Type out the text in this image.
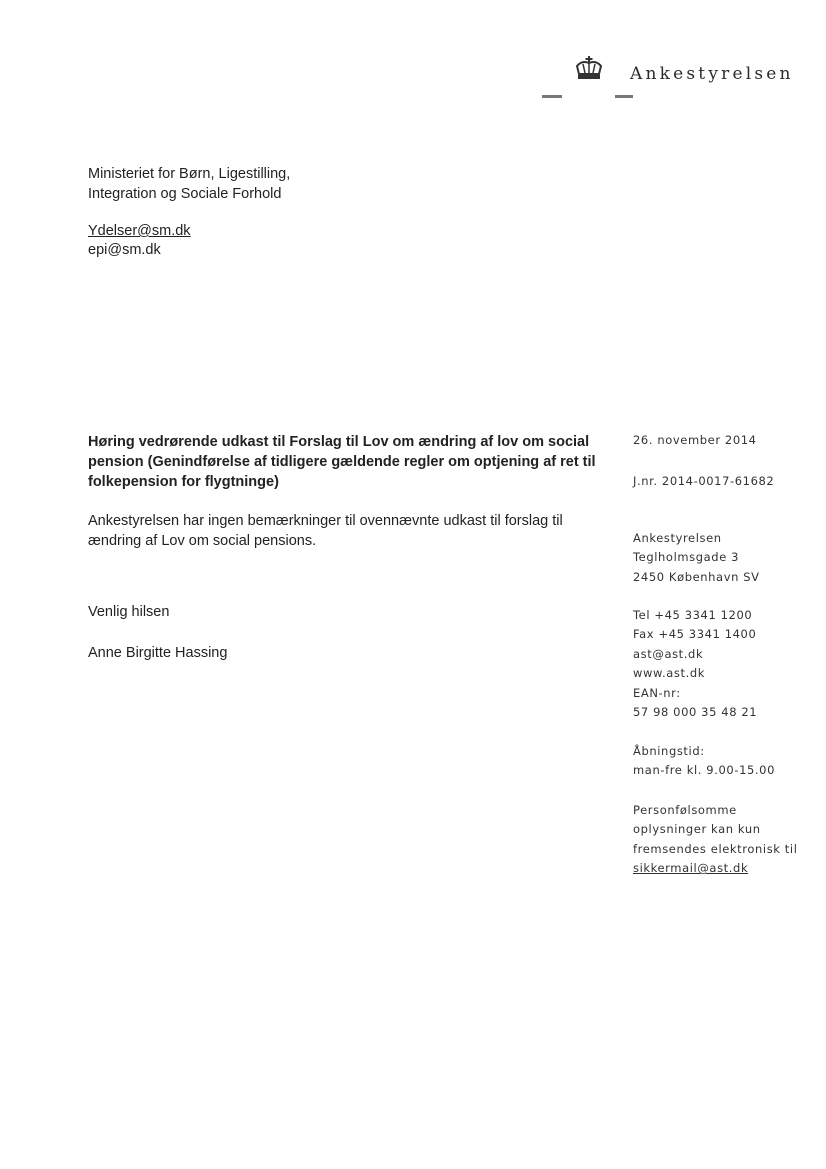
Ankestyrelsen
Ministeriet for Børn, Ligestilling,
Integration og Sociale Forhold
Ydelser@sm.dk
epi@sm.dk
Høring vedrørende udkast til Forslag til Lov om ændring af lov om social pension (Genindførelse af tidligere gældende regler om optjening af ret til folkepension for flygtninge)
Ankestyrelsen har ingen bemærkninger til ovennævnte udkast til forslag til ændring af Lov om social pensions.
Venlig hilsen
Anne Birgitte Hassing
26. november 2014
J.nr. 2014-0017-61682
Ankestyrelsen
Teglholmsgade 3
2450 København SV
Tel +45 3341 1200
Fax +45 3341 1400
ast@ast.dk
www.ast.dk
EAN-nr:
57 98 000 35 48 21
Åbningstid:
man-fre kl. 9.00-15.00
Personfølsomme
oplysninger kan kun
fremsendes elektronisk til
sikkermail@ast.dk
